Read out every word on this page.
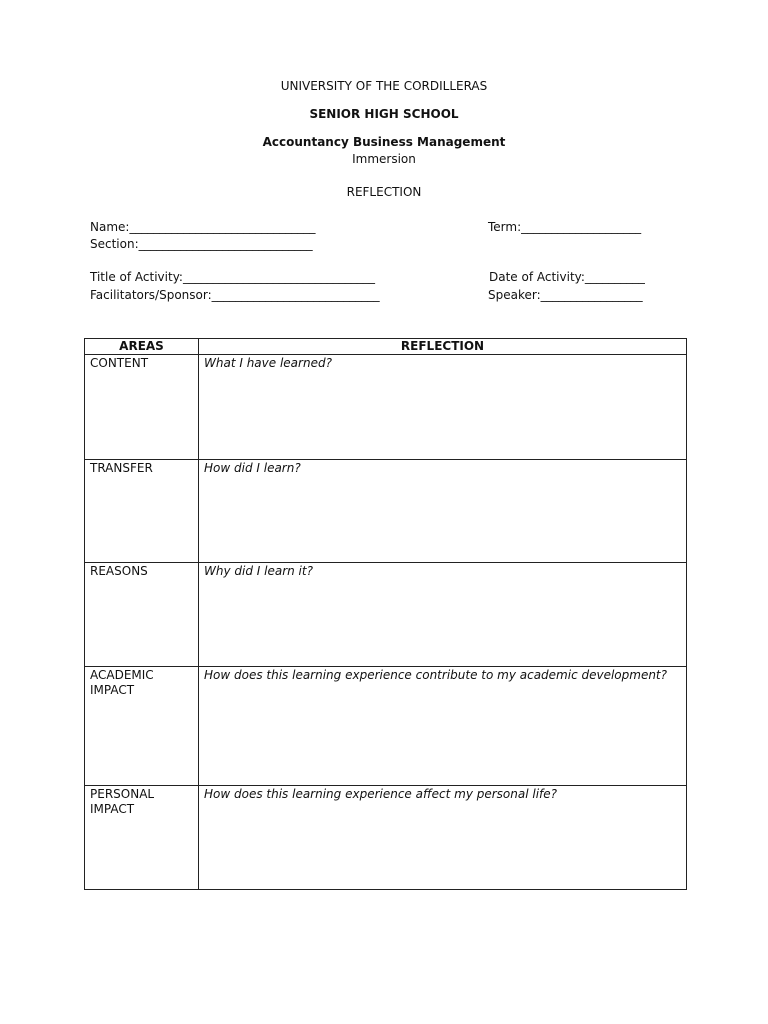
UNIVERSITY OF THE CORDILLERAS
SENIOR HIGH SCHOOL
Accountancy Business Management
Immersion
REFLECTION
Name:_______________________________	Term:____________________
Section:_____________________________
Title of Activity:________________________________	Date of Activity:__________
Facilitators/Sponsor:____________________________	Speaker:_________________
AREAS	REFLECTION
CONTENT	What I have learned?
TRANSFER	How did I learn?
REASONS	Why did I learn it?
ACADEMIC IMPACT	How does this learning experience contribute to my academic development?
PERSONAL IMPACT	How does this learning experience affect my personal life?
